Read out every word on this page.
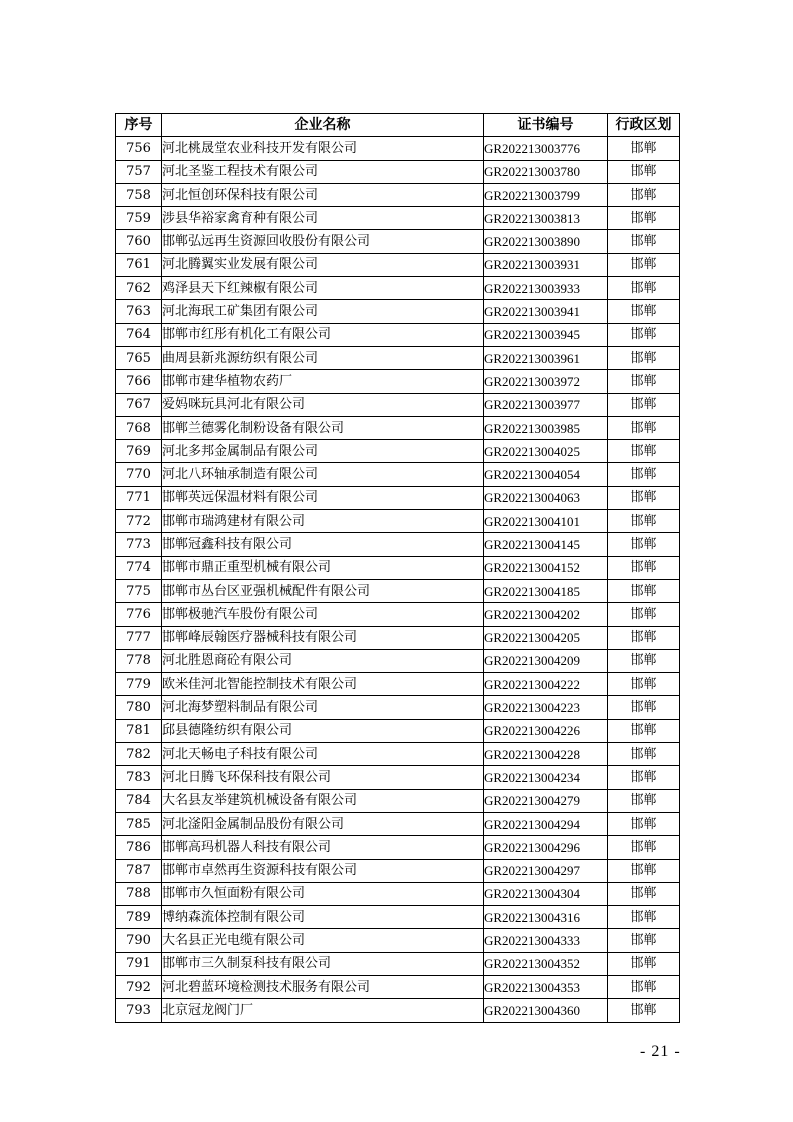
序号	企业名称	证书编号	行政区划
756	河北桃晟堂农业科技开发有限公司	GR202213003776	邯郸
757	河北圣鉴工程技术有限公司	GR202213003780	邯郸
758	河北恒创环保科技有限公司	GR202213003799	邯郸
759	涉县华裕家禽育种有限公司	GR202213003813	邯郸
760	邯郸弘远再生资源回收股份有限公司	GR202213003890	邯郸
761	河北腾翼实业发展有限公司	GR202213003931	邯郸
762	鸡泽县天下红辣椒有限公司	GR202213003933	邯郸
763	河北海珉工矿集团有限公司	GR202213003941	邯郸
764	邯郸市红彤有机化工有限公司	GR202213003945	邯郸
765	曲周县新兆源纺织有限公司	GR202213003961	邯郸
766	邯郸市建华植物农药厂	GR202213003972	邯郸
767	爱妈咪玩具河北有限公司	GR202213003977	邯郸
768	邯郸兰德雾化制粉设备有限公司	GR202213003985	邯郸
769	河北多邦金属制品有限公司	GR202213004025	邯郸
770	河北八环轴承制造有限公司	GR202213004054	邯郸
771	邯郸英远保温材料有限公司	GR202213004063	邯郸
772	邯郸市瑞鸿建材有限公司	GR202213004101	邯郸
773	邯郸冠鑫科技有限公司	GR202213004145	邯郸
774	邯郸市鼎正重型机械有限公司	GR202213004152	邯郸
775	邯郸市丛台区亚强机械配件有限公司	GR202213004185	邯郸
776	邯郸极驰汽车股份有限公司	GR202213004202	邯郸
777	邯郸峰辰翰医疗器械科技有限公司	GR202213004205	邯郸
778	河北胜恩商砼有限公司	GR202213004209	邯郸
779	欧米佳河北智能控制技术有限公司	GR202213004222	邯郸
780	河北海梦塑料制品有限公司	GR202213004223	邯郸
781	邱县德隆纺织有限公司	GR202213004226	邯郸
782	河北天畅电子科技有限公司	GR202213004228	邯郸
783	河北日腾飞环保科技有限公司	GR202213004234	邯郸
784	大名县友举建筑机械设备有限公司	GR202213004279	邯郸
785	河北滏阳金属制品股份有限公司	GR202213004294	邯郸
786	邯郸高玛机器人科技有限公司	GR202213004296	邯郸
787	邯郸市卓然再生资源科技有限公司	GR202213004297	邯郸
788	邯郸市久恒面粉有限公司	GR202213004304	邯郸
789	博纳森流体控制有限公司	GR202213004316	邯郸
790	大名县正光电缆有限公司	GR202213004333	邯郸
791	邯郸市三久制泵科技有限公司	GR202213004352	邯郸
792	河北碧蓝环境检测技术服务有限公司	GR202213004353	邯郸
793	北京冠龙阀门厂	GR202213004360	邯郸
- 21 -
